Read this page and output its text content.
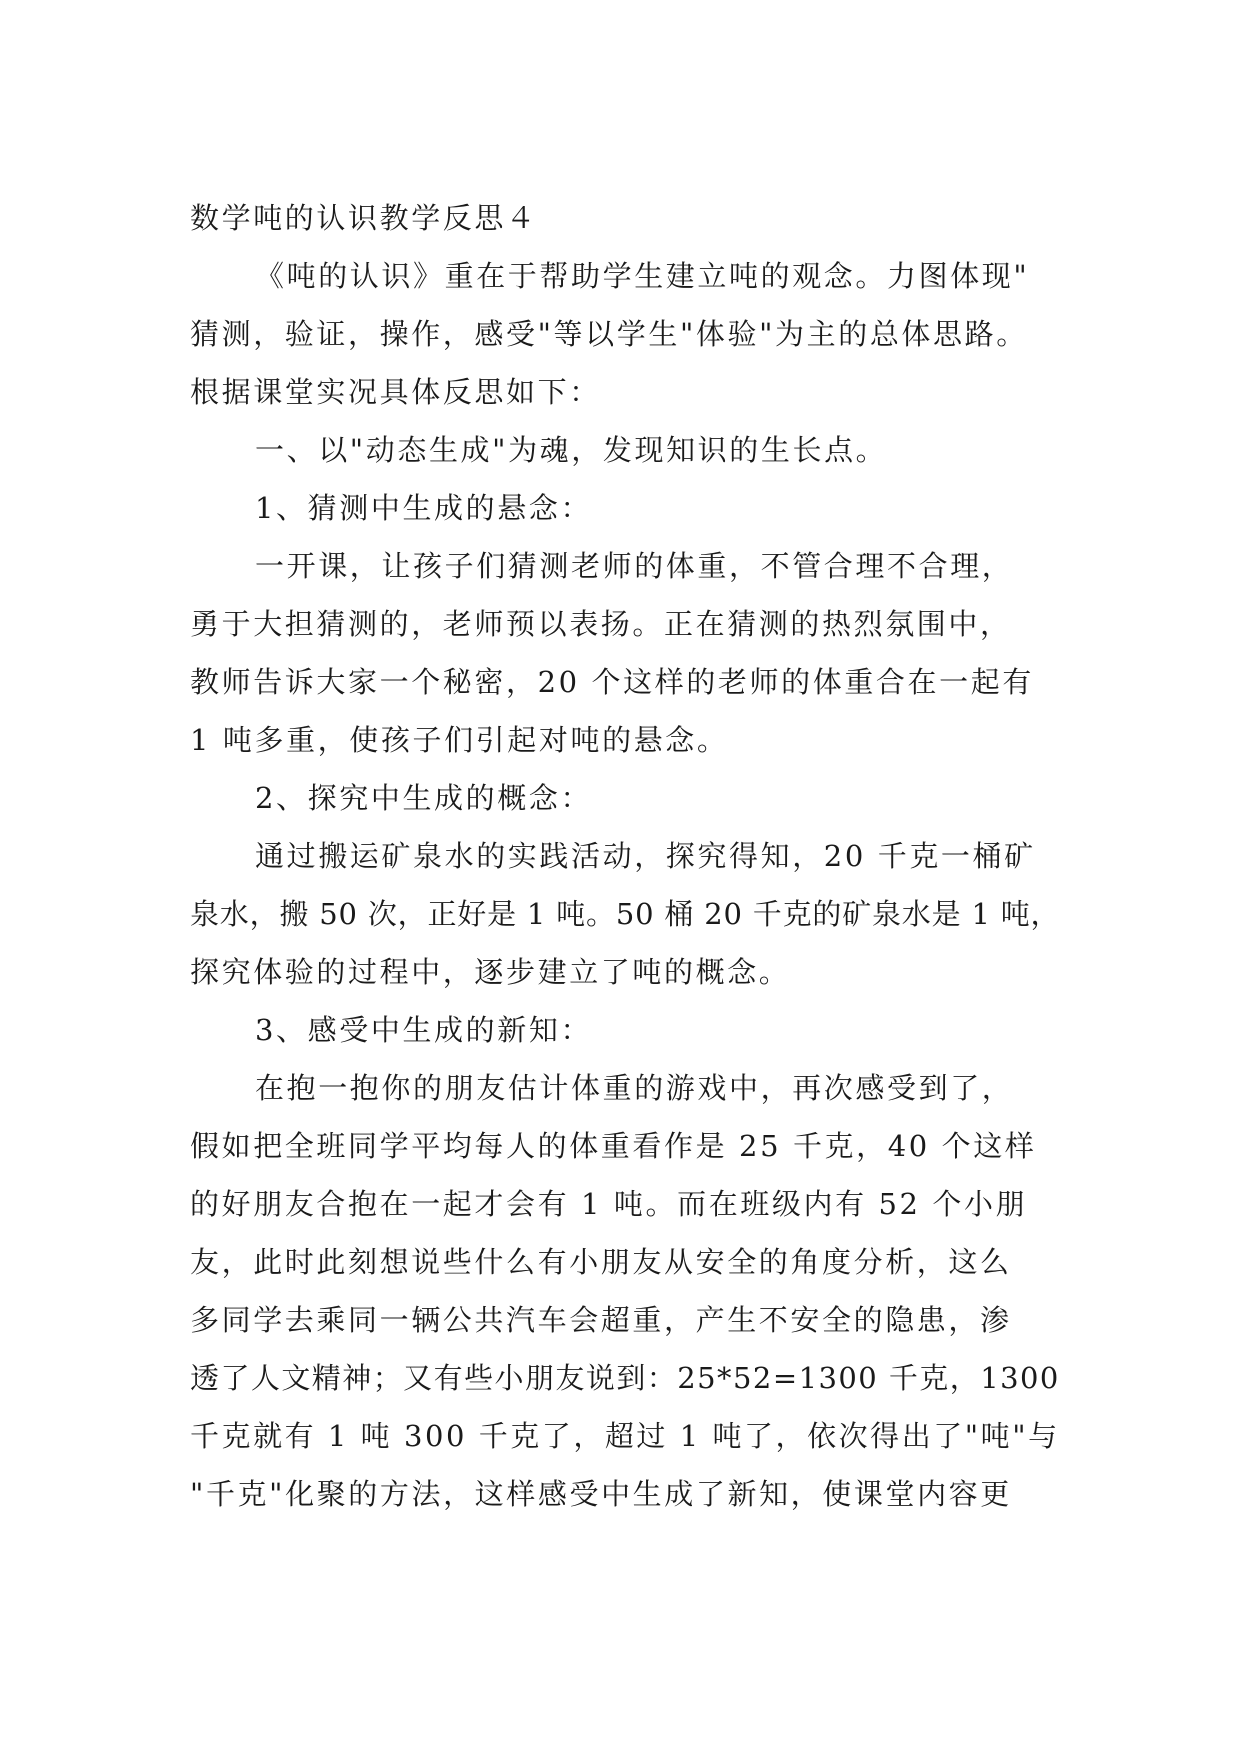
数学吨的认识教学反思４
《吨的认识》重在于帮助学生建立吨的观念。力图体现"
猜测，验证，操作，感受"等以学生"体验"为主的总体思路。
根据课堂实况具体反思如下：
一、以"动态生成"为魂，发现知识的生长点。
1、猜测中生成的悬念：
一开课，让孩子们猜测老师的体重，不管合理不合理，
勇于大担猜测的，老师预以表扬。正在猜测的热烈氛围中，
教师告诉大家一个秘密，20 个这样的老师的体重合在一起有
1 吨多重，使孩子们引起对吨的悬念。
2、探究中生成的概念：
通过搬运矿泉水的实践活动，探究得知，20 千克一桶矿
泉水，搬 50 次，正好是 1 吨。50 桶 20 千克的矿泉水是 1 吨，
探究体验的过程中，逐步建立了吨的概念。
3、感受中生成的新知：
在抱一抱你的朋友估计体重的游戏中，再次感受到了，
假如把全班同学平均每人的体重看作是 25 千克，40 个这样
的好朋友合抱在一起才会有 1 吨。而在班级内有 52 个小朋
友，此时此刻想说些什么有小朋友从安全的角度分析，这么
多同学去乘同一辆公共汽车会超重，产生不安全的隐患，渗
透了人文精神；又有些小朋友说到：25*52=1300 千克，1300
千克就有 1 吨 300 千克了，超过 1 吨了，依次得出了"吨"与
"千克"化聚的方法，这样感受中生成了新知，使课堂内容更
